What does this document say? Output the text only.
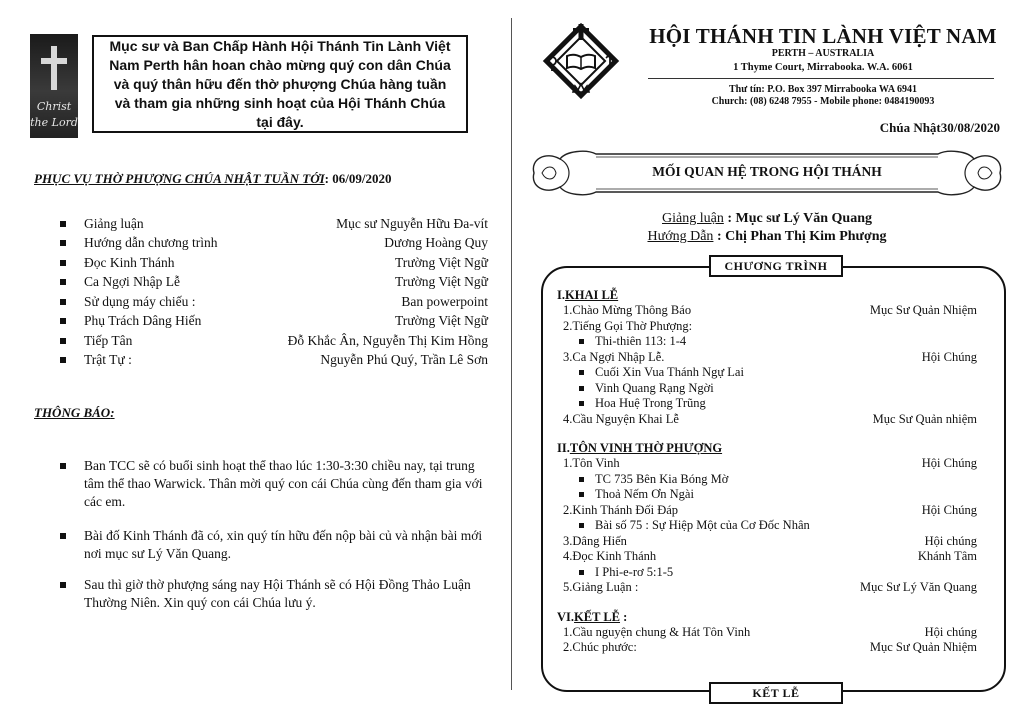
Christ
the Lord
Mục sư và Ban Chấp Hành Hội Thánh Tin Lành Việt Nam Perth hân hoan chào mừng quý con dân Chúa và quý thân hữu đến thờ phượng Chúa hàng tuần và tham gia những sinh hoạt của Hội Thánh Chúa tại đây.
PHỤC VỤ THỜ PHƯỢNG CHÚA NHẬT TUẦN TỚI: 06/09/2020
Giảng luận	Mục sư Nguyễn Hữu Đa-vít
Hướng dẫn chương trình	Dương Hoàng Quy
Đọc Kinh Thánh	Trường Việt Ngữ
Ca Ngợi Nhập Lễ	Trường Việt Ngữ
Sử dụng máy chiếu :	Ban powerpoint
Phụ Trách Dâng Hiến	Trường Việt Ngữ
Tiếp Tân	Đỗ Khắc Ân, Nguyễn Thị Kim Hồng
Trật Tự :	Nguyễn Phú Quý, Trần Lê Sơn
THÔNG BÁO:
Ban TCC sẽ có buổi sinh hoạt thể thao lúc 1:30-3:30 chiều nay, tại trung tâm thể thao Warwick. Thân mời quý con cái Chúa cùng đến tham gia với các em.
Bài đố Kinh Thánh đã có, xin quý tín hữu đến nộp bài củ và nhận bài mới nơi mục sư Lý Văn Quang.
Sau thì giờ thờ phượng sáng nay Hội Thánh sẽ có Hội Đồng Thảo Luận Thường Niên. Xin quý con cái Chúa lưu ý.
HỘI THÁNH TIN LÀNH VIỆT NAM
PERTH – AUSTRALIA
1 Thyme Court, Mirrabooka. W.A. 6061
Thư tín: P.O. Box 397 Mirrabooka WA 6941
Church: (08) 6248 7955 - Mobile phone: 0484190093
Chúa Nhật30/08/2020
MỐI QUAN HỆ TRONG HỘI THÁNH
Giảng luận : Mục sư Lý Văn Quang
Hướng Dẫn : Chị Phan Thị Kim Phượng
CHƯƠNG TRÌNH
KẾT LỄ
I.KHAI LỄ
1.Chào Mừng Thông Báo	Mục Sư Quản Nhiệm
2.Tiếng Gọi Thờ Phượng:
Thi-thiên 113: 1-4
3.Ca Ngợi Nhập Lễ.	Hội Chúng
Cuối Xin Vua Thánh Ngự Lai
Vinh Quang Rạng Ngời
Hoa Huệ Trong Trũng
4.Cầu Nguyện Khai Lễ	Mục Sư Quản nhiệm
II.TÔN VINH THỜ PHƯỢNG
1.Tôn Vinh	Hội Chúng
TC 735 Bên Kia Bóng Mờ
Thoả Nếm Ơn Ngài
2.Kinh Thánh Đối Đáp	Hội Chúng
Bài số 75 : Sự Hiệp Một của Cơ Đốc Nhân
3.Dâng Hiến	Hội chúng
4.Đọc Kinh Thánh	Khánh Tâm
I Phi-e-rơ 5:1-5
5.Giảng Luận :	Mục Sư Lý Văn Quang
VI.KẾT LỄ :
1.Cầu nguyện chung & Hát Tôn Vinh	Hội chúng
2.Chúc phước:	Mục Sư Quản Nhiệm
